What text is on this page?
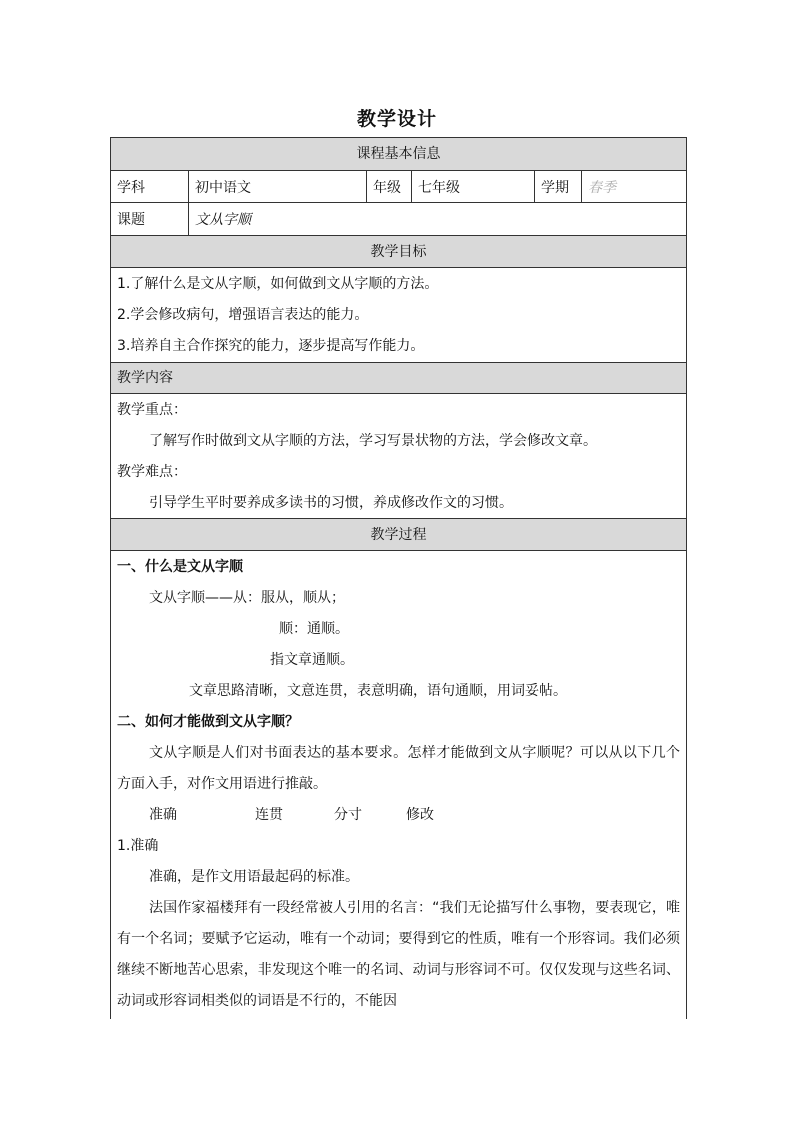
教学设计
课程基本信息
学科	初中语文	年级	七年级	学期	春季
课题	文从字顺
教学目标
1.了解什么是文从字顺，如何做到文从字顺的方法。
2.学会修改病句，增强语言表达的能力。
3.培养自主合作探究的能力，逐步提高写作能力。
教学内容
教学重点：
了解写作时做到文从字顺的方法，学习写景状物的方法，学会修改文章。
教学难点：
引导学生平时要养成多读书的习惯，养成修改作文的习惯。
教学过程
一、什么是文从字顺
文从字顺——从：服从，顺从；
顺：通顺。
指文章通顺。
文章思路清晰，文意连贯，表意明确，语句通顺，用词妥帖。
二、如何才能做到文从字顺？
文从字顺是人们对书面表达的基本要求。怎样才能做到文从字顺呢？可以从以下几个方面入手，对作文用语进行推敲。
准确	连贯	分寸	修改
1.准确
准确，是作文用语最起码的标准。
法国作家福楼拜有一段经常被人引用的名言：“我们无论描写什么事物，要表现它，唯有一个名词；要赋予它运动，唯有一个动词；要得到它的性质，唯有一个形容词。我们必须继续不断地苦心思索，非发现这个唯一的名词、动词与形容词不可。仅仅发现与这些名词、动词或形容词相类似的词语是不行的，不能因
